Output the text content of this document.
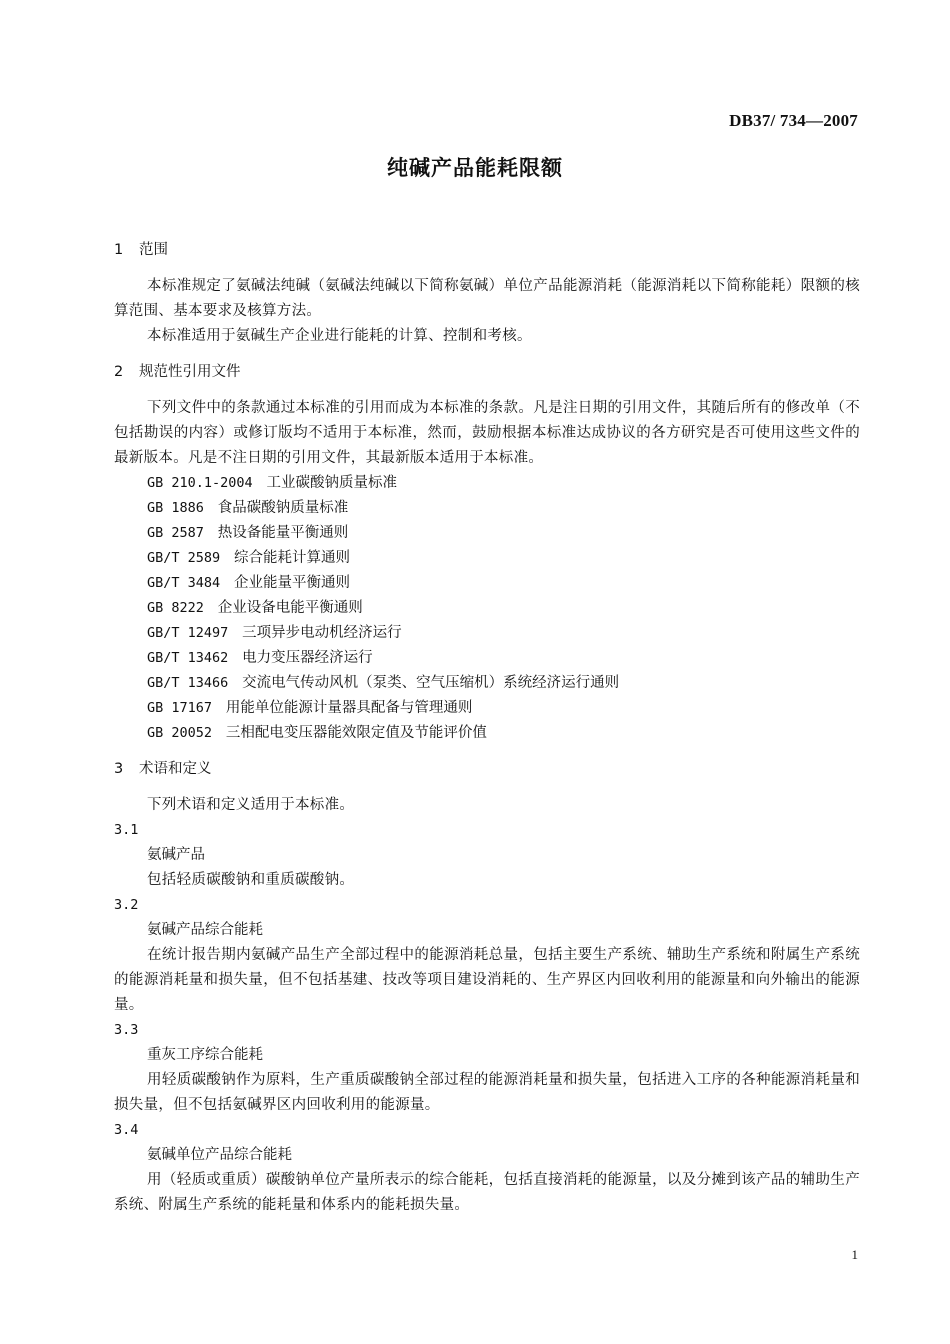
DB37/ 734—2007
纯碱产品能耗限额
1 范围

本标准规定了氨碱法纯碱（氨碱法纯碱以下简称氨碱）单位产品能源消耗（能源消耗以下简称能耗）限额的核算范围、基本要求及核算方法。

本标准适用于氨碱生产企业进行能耗的计算、控制和考核。

2 规范性引用文件

下列文件中的条款通过本标准的引用而成为本标准的条款。凡是注日期的引用文件，其随后所有的修改单（不包括勘误的内容）或修订版均不适用于本标准，然而，鼓励根据本标准达成协议的各方研究是否可使用这些文件的最新版本。凡是不注日期的引用文件，其最新版本适用于本标准。

GB 210.1-2004 工业碳酸钠质量标准
GB 1886 食品碳酸钠质量标准
GB 2587 热设备能量平衡通则
GB/T 2589 综合能耗计算通则
GB/T 3484 企业能量平衡通则
GB 8222 企业设备电能平衡通则
GB/T 12497 三项异步电动机经济运行
GB/T 13462 电力变压器经济运行
GB/T 13466 交流电气传动风机（泵类、空气压缩机）系统经济运行通则
GB 17167 用能单位能源计量器具配备与管理通则
GB 20052 三相配电变压器能效限定值及节能评价值
3 术语和定义

下列术语和定义适用于本标准。

3.1
氨碱产品

包括轻质碳酸钠和重质碳酸钠。

3.2
氨碱产品综合能耗

在统计报告期内氨碱产品生产全部过程中的能源消耗总量，包括主要生产系统、辅助生产系统和附属生产系统的能源消耗量和损失量，但不包括基建、技改等项目建设消耗的、生产界区内回收利用的能源量和向外输出的能源量。

3.3
重灰工序综合能耗

用轻质碳酸钠作为原料，生产重质碳酸钠全部过程的能源消耗量和损失量，包括进入工序的各种能源消耗量和损失量，但不包括氨碱界区内回收利用的能源量。

3.4
氨碱单位产品综合能耗

用（轻质或重质）碳酸钠单位产量所表示的综合能耗，包括直接消耗的能源量，以及分摊到该产品的辅助生产系统、附属生产系统的能耗量和体系内的能耗损失量。

1
